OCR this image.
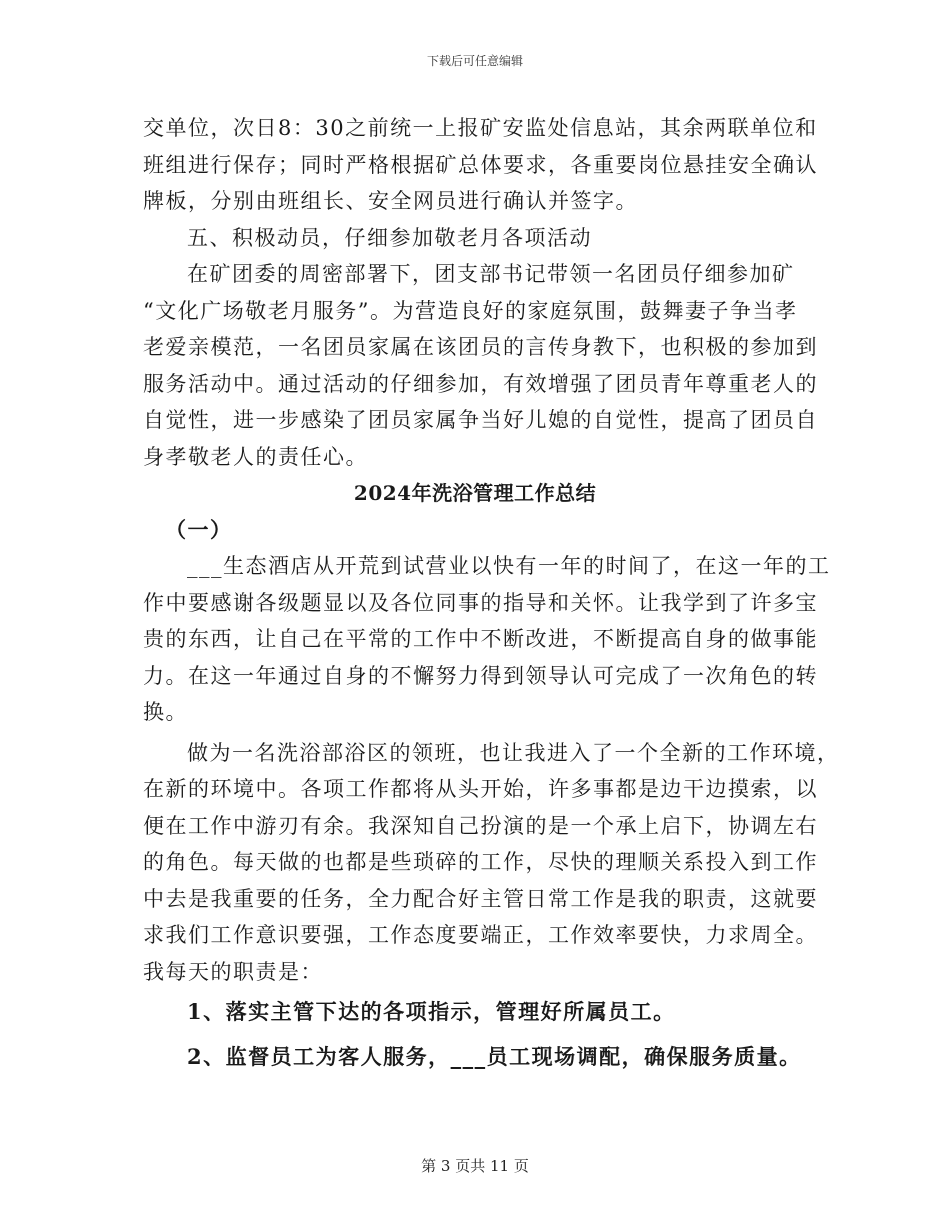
下载后可任意编辑
交单位，次日8：30之前统一上报矿安监处信息站，其余两联单位和
班组进行保存；同时严格根据矿总体要求，各重要岗位悬挂安全确认
牌板，分别由班组长、安全网员进行确认并签字。
五、积极动员，仔细参加敬老月各项活动
在矿团委的周密部署下，团支部书记带领一名团员仔细参加矿
“文化广场敬老月服务”。为营造良好的家庭氛围，鼓舞妻子争当孝
老爱亲模范，一名团员家属在该团员的言传身教下，也积极的参加到
服务活动中。通过活动的仔细参加，有效增强了团员青年尊重老人的
自觉性，进一步感染了团员家属争当好儿媳的自觉性，提高了团员自
身孝敬老人的责任心。
2024年洗浴管理工作总结
（一）
___生态酒店从开荒到试营业以快有一年的时间了，在这一年的工
作中要感谢各级题显以及各位同事的指导和关怀。让我学到了许多宝
贵的东西，让自己在平常的工作中不断改进，不断提高自身的做事能
力。在这一年通过自身的不懈努力得到领导认可完成了一次角色的转
换。
做为一名洗浴部浴区的领班，也让我进入了一个全新的工作环境，
在新的环境中。各项工作都将从头开始，许多事都是边干边摸索，以
便在工作中游刃有余。我深知自己扮演的是一个承上启下，协调左右
的角色。每天做的也都是些琐碎的工作，尽快的理顺关系投入到工作
中去是我重要的任务，全力配合好主管日常工作是我的职责，这就要
求我们工作意识要强，工作态度要端正，工作效率要快，力求周全。
我每天的职责是：
1、落实主管下达的各项指示，管理好所属员工。
2、监督员工为客人服务，___员工现场调配，确保服务质量。
第 3 页共 11 页
